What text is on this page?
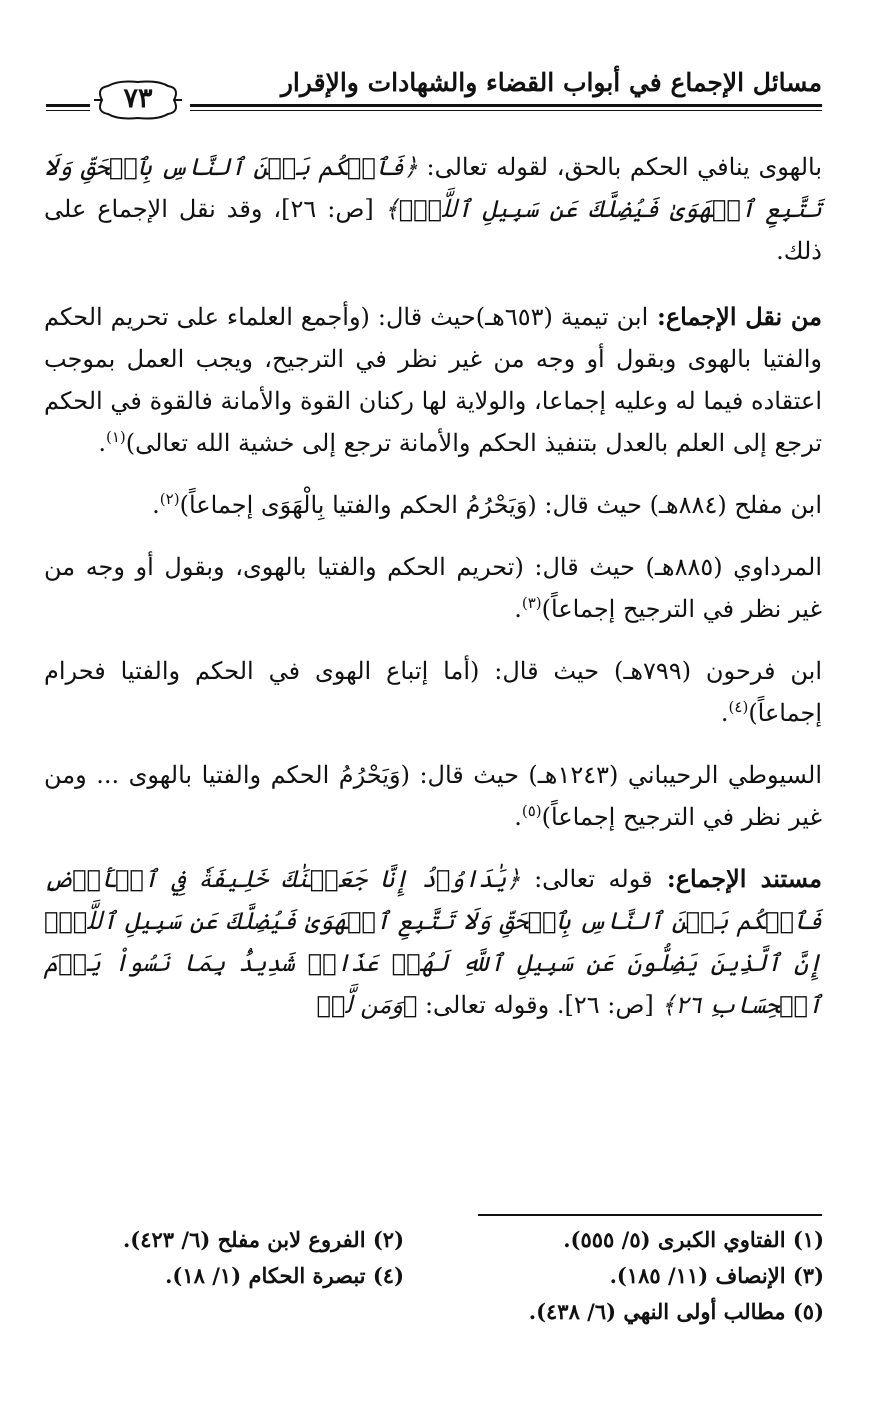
مسائل الإجماع في أبواب القضاء والشهادات والإقرار
٧٣

بالهوى ينافي الحكم بالحق، لقوله تعالى: ﴿فَٱحۡكُم بَيۡنَ ٱلنَّاسِ بِٱلۡحَقِّ وَلَا تَتَّبِعِ ٱلۡهَوَىٰ فَيُضِلَّكَ عَن سَبِيلِ ٱللَّهِۚ﴾ [ص: ٢٦]، وقد نقل الإجماع على ذلك.

من نقل الإجماع: ابن تيمية (٦٥٣هـ)حيث قال: (وأجمع العلماء على تحريم الحكم والفتيا بالهوى وبقول أو وجه من غير نظر في الترجيح، ويجب العمل بموجب اعتقاده فيما له وعليه إجماعا، والولاية لها ركنان القوة والأمانة فالقوة في الحكم ترجع إلى العلم بالعدل بتنفيذ الحكم والأمانة ترجع إلى خشية الله تعالى)$^{(١)}$.

ابن مفلح (٨٨٤هـ) حيث قال: (وَيَحْرُمُ الحكم والفتيا بِالْهَوَى إجماعاً)$^{(٢)}$.

المرداوي (٨٨٥هـ) حيث قال: (تحريم الحكم والفتيا بالهوى، وبقول أو وجه من غير نظر في الترجيح إجماعاً)$^{(٣)}$.

ابن فرحون (٧٩٩هـ) حيث قال: (أما إتباع الهوى في الحكم والفتيا فحرام إجماعاً)$^{(٤)}$.

السيوطي الرحيباني (١٢٤٣هـ) حيث قال: (وَيَحْرُمُ الحكم والفتيا بالهوى ... ومن غير نظر في الترجيح إجماعاً)$^{(٥)}$.

مستند الإجماع: قوله تعالى: ﴿يَٰدَاوُۥدُ إِنَّا جَعَلۡنَٰكَ خَلِيفَةٗ فِي ٱلۡأَرۡضِ فَٱحۡكُم بَيۡنَ ٱلنَّاسِ بِٱلۡحَقِّ وَلَا تَتَّبِعِ ٱلۡهَوَىٰ فَيُضِلَّكَ عَن سَبِيلِ ٱللَّهِۚ إِنَّ ٱلَّذِينَ يَضِلُّونَ عَن سَبِيلِ ٱللَّهِ لَهُمۡ عَذَابٞ شَدِيدُۢ بِمَا نَسُواْ يَوۡمَ ٱلۡحِسَابِ ٢٦﴾ [ص: ٢٦]. وقوله تعالى: ﴿وَمَن لَّمۡ

(١) الفتاوي الكبرى (٥/ ٥٥٥).
(٢) الفروع لابن مفلح (٦/ ٤٢٣).
(٣) الإنصاف (١١/ ١٨٥).
(٤) تبصرة الحكام (١/ ١٨).
(٥) مطالب أولى النهي (٦/ ٤٣٨).
